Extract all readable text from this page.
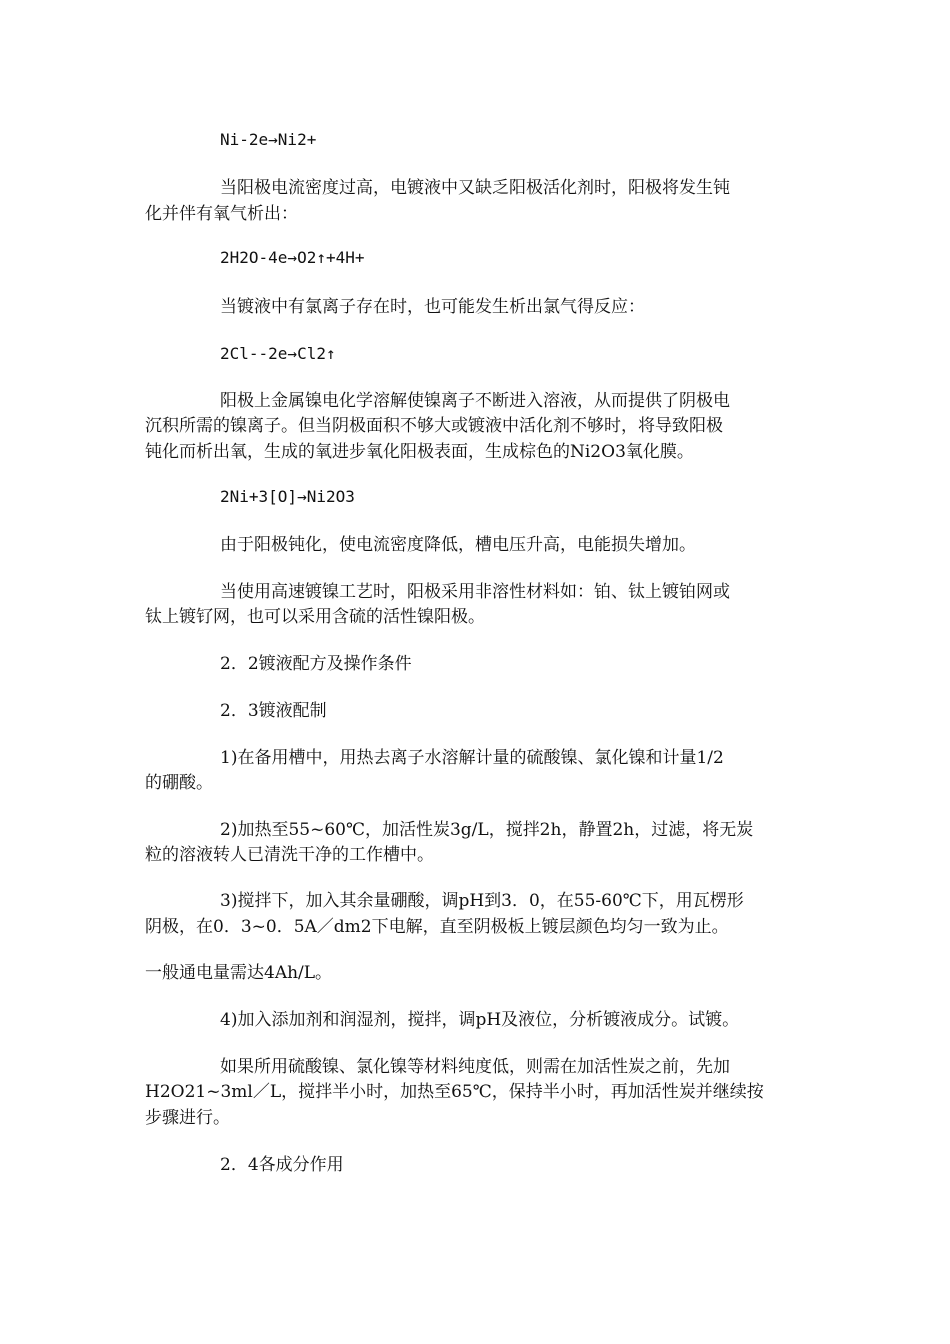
Ni-2e→Ni2+
当阳极电流密度过高，电镀液中又缺乏阳极活化剂时，阳极将发生钝
化并伴有氧气析出：
2H2O-4e→O2↑+4H+
当镀液中有氯离子存在时，也可能发生析出氯气得反应：
2Cl--2e→Cl2↑
阳极上金属镍电化学溶解使镍离子不断进入溶液，从而提供了阴极电
沉积所需的镍离子。但当阴极面积不够大或镀液中活化剂不够时，将导致阳极
钝化而析出氧，生成的氧进步氧化阳极表面，生成棕色的Ni2O3氧化膜。
2Ni+3[O]→Ni2O3
由于阳极钝化，使电流密度降低，槽电压升高，电能损失增加。
当使用高速镀镍工艺时，阳极采用非溶性材料如：铂、钛上镀铂网或
钛上镀钌网，也可以采用含硫的活性镍阳极。
2．2镀液配方及操作条件
2．3镀液配制
1)在备用槽中，用热去离子水溶解计量的硫酸镍、氯化镍和计量1/2
的硼酸。
2)加热至55~60℃，加活性炭3g/L，搅拌2h，静置2h，过滤，将无炭
粒的溶液转人已清洗干净的工作槽中。
3)搅拌下，加入其余量硼酸，调pH到3．0，在55-60℃下，用瓦楞形
阴极，在0．3~0．5A／dm2下电解，直至阴极板上镀层颜色均匀一致为止。
一般通电量需达4Ah/L。
4)加入添加剂和润湿剂，搅拌，调pH及液位，分析镀液成分。试镀。
如果所用硫酸镍、氯化镍等材料纯度低，则需在加活性炭之前，先加
H2O21~3ml／L，搅拌半小时，加热至65℃，保持半小时，再加活性炭并继续按
步骤进行。
2．4各成分作用
